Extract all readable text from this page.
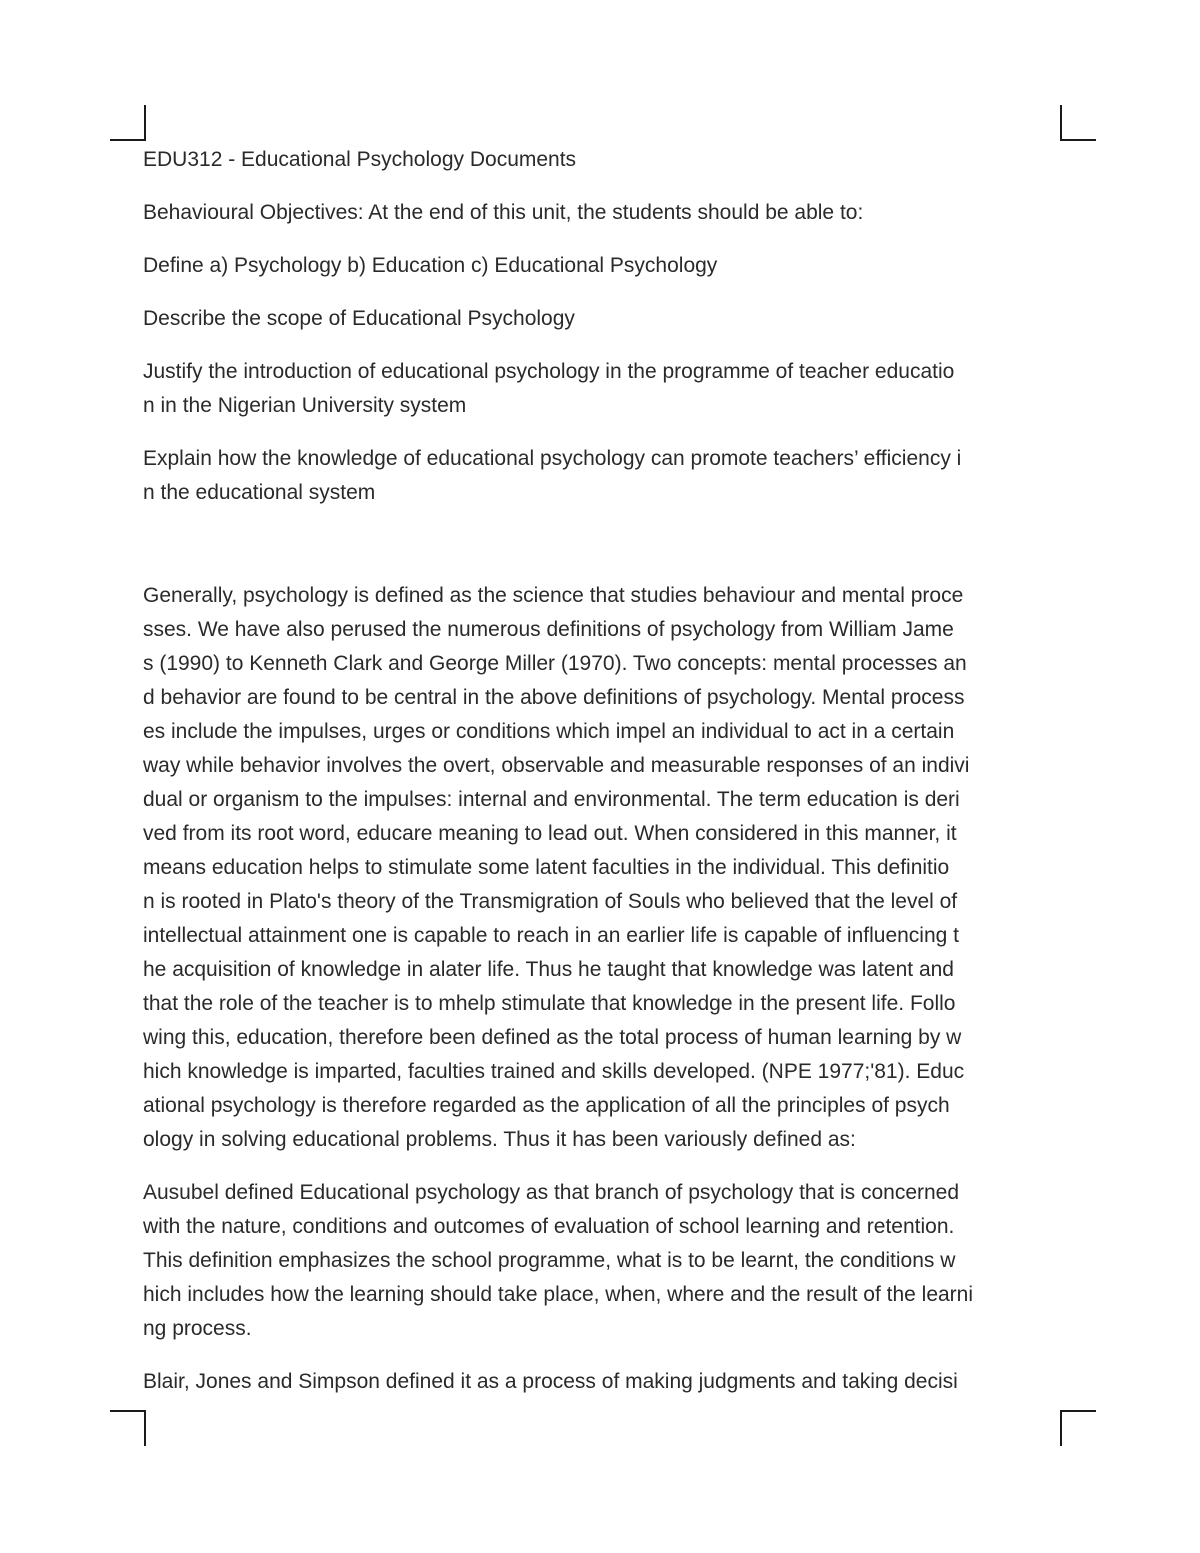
EDU312 - Educational Psychology Documents

Behavioural Objectives: At the end of this unit, the students should be able to:

Define a) Psychology b) Education c) Educational Psychology

Describe the scope of Educational Psychology

Justify the introduction of educational psychology in the programme of teacher educatio

n in the Nigerian University system

Explain how the knowledge of educational psychology can promote teachers’ efficiency i

n the educational system

Generally, psychology is defined as the science that studies behaviour and mental proce

sses. We have also perused the numerous definitions of psychology from William Jame

s (1990) to Kenneth Clark and George Miller (1970). Two concepts: mental processes an

d behavior are found to be central in the above definitions of psychology. Mental process

es include the impulses, urges or conditions which impel an individual to act in a certain

way while behavior involves the overt, observable and measurable responses of an indivi

dual or organism to the impulses: internal and environmental. The term education is deri

ved from its root word, educare meaning to lead out. When considered in this manner, it

means education helps to stimulate some latent faculties in the individual. This definitio

n is rooted in Plato's theory of the Transmigration of Souls who believed that the level of

intellectual attainment one is capable to reach in an earlier life is capable of influencing t

he acquisition of knowledge in alater life. Thus he taught that knowledge was latent and

that the role of the teacher is to mhelp stimulate that knowledge in the present life. Follo

wing this, education, therefore been defined as the total process of human learning by w

hich knowledge is imparted, faculties trained and skills developed. (NPE 1977;'81). Educ

ational psychology is therefore regarded as the application of all the principles of psych

ology in solving educational problems. Thus it has been variously defined as:

Ausubel defined Educational psychology as that branch of psychology that is concerned

with the nature, conditions and outcomes of evaluation of school learning and retention.

This definition emphasizes the school programme, what is to be learnt, the conditions w

hich includes how the learning should take place, when, where and the result of the learni

ng process.

Blair, Jones and Simpson defined it as a process of making judgments and taking decisi
